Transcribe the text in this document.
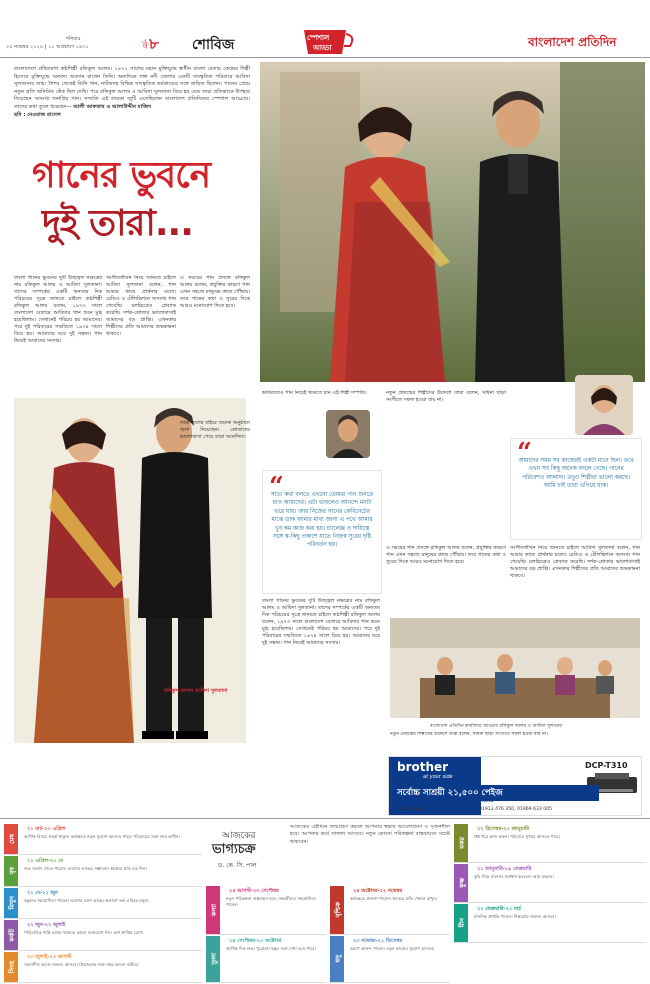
শনিবার
২৫ নভেম্বর ২০২৪ | ১০ অগ্রহায়ণ ১৪৩১	পৃষ্ঠা ৮ শোবিজ	স্পেশাল
আড্ডা	বাংলাদেশ প্রতিদিন
বাংলাদেশে প্রথিতযশা কন্ঠশিল্পী রফিকুল আলম। ১৯৭১ সালের মহান মুক্তিযুদ্ধে স্বাধীন বাংলা বেতার কেন্দ্রের শিল্পী হিসেবে মুক্তিযুদ্ধে অনবদ্য অবদান রাখেন তিনি। অন্যদিকে গঙ্গা নদী জেলার একটি সাংস্কৃতিক পরিবারে আবিদা সুলতানার জন্ম। শৈশব থেকেই তিনি গান, নাটকসহ বিভিন্ন সাংস্কৃতিক কর্মকাণ্ডের সঙ্গে জড়িত ছিলেন। গানের প্রেমে নতুন প্রতি অনিমিত কেঁক ছিল দেখি। পরে রফিকুল আলম ও আবিদা সুলতানা বিয়ে হয় এবং তারা প্রতিভাকে উপহার দিয়েছেন অসংখ্য জনপ্রিয় গান। সম্প্রতি এই তারকা জুটি এসেছিলেন বাংলাদেশ প্রতিদিনের স্পেশাল আড্ডায়। তাদের কথা তুলে ধরেছেন— আলী আফতাব ও আলাউদ্দীন মাজিদ
ছবি : নেওয়াজ রাসেল
গানের ভুবনে
দুই তারা...
বাংলা গানের ভুবনের দুটি উজ্জ্বল নক্ষত্রের নাম রফিকুল আলম ও আবিদা সুলতানা। তাদের সম্পর্কের একটি অন্যতম দিক পরিচয়ের সূত্রে জানতে চাইলে কণ্ঠশিল্পী রফিকুল আলম বলেন, ১৯৭৩ সালে বাংলাদেশ বেতারে আবিদার গান শুনে মুগ্ধ হয়েছিলাম। সেখানেই পরিচয় হয় আমাদের। পরে দুই পরিবারের সম্মতিতে ১৯৭৪ সালে বিয়ে হয়। আমাদের ঘরে দুই সন্তান। গান নিয়েই আমাদের সংসার।
সংগীতজীবন নিয়ে জানতে চাইলে আবিদা সুলতানা বলেন, গান আমার কাছে প্রার্থনার মতো। রেডিও ও টেলিভিশনে অসংখ্য গান গেয়েছি। চলচ্চিত্রেও প্লেব্যাক করেছি। দর্শক-শ্রোতার ভালোবাসাই আমাদের বড় প্রাপ্তি। এখনকার শিল্পীদের প্রতি আমাদের শুভকামনা থাকবে।
এ সময়ের গান প্রসঙ্গে রফিকুল আলম বলেন, প্রযুক্তির কারণে গান এখন সহজে মানুষের কাছে পৌঁছায়। তবে গানের কথা ও সুরের দিকে আরও মনোযোগ দিতে হবে।
রফিকুল আলম আবিদা সুলতানা
তারা দেশের বাইরে অনেক অনুষ্ঠানে অংশ নিয়েছেন। শ্রোতাদের ভালোবাসা পেয়ে তারা আনন্দিত।
ভবিষ্যতেও গান নিয়েই থাকতে চান এই শিল্পী দম্পতি।	নতুন প্রজন্মের শিল্পীদের উদ্দেশে তারা বলেন, সাধনা ছাড়া সংগীতে সফল হওয়া যায় না।
“
সত্যি কথা বলতে এখনো তোমরা গান শুনতে চাও আমাদের। এটা ভাবলেও আনন্দে মনটা ভরে যায়। আর নিজের গানের কেবিনেটের মাঝে ডাক আমার মাথা জানা এ পথে আমার খুব কম কাজ করা হয়। চ্যালেঞ্জ ও দায়িত্বে সঙ্গে স্ব-কিছু প্রকাশে যাতে নিজস্ব সুরের দৃষ্টি পরিবর্তন হয়।
“
আমাদের সময় সব কাজেরই একটা মানে ছিল। তবে এখন সব কিছু অনেক বদলে গেছে। গানের পরিবেশও আলাদা। তবুও শিল্পীরা ভালো করছে। আমি চাই তারা এগিয়ে যাক।
সংগীতজীবন নিয়ে জানতে চাইলে আবিদা সুলতানা বলেন, গান আমার কাছে প্রার্থনার মতো। রেডিও ও টেলিভিশনে অসংখ্য গান গেয়েছি। চলচ্চিত্রেও প্লেব্যাক করেছি। দর্শক-শ্রোতার ভালোবাসাই আমাদের বড় প্রাপ্তি। এখনকার শিল্পীদের প্রতি আমাদের শুভকামনা থাকবে।
বাংলা গানের ভুবনের দুটি উজ্জ্বল নক্ষত্রের নাম রফিকুল আলম ও আবিদা সুলতানা। তাদের সম্পর্কের একটি অন্যতম দিক পরিচয়ের সূত্রে জানতে চাইলে কণ্ঠশিল্পী রফিকুল আলম বলেন, ১৯৭৩ সালে বাংলাদেশ বেতারে আবিদার গান শুনে মুগ্ধ হয়েছিলাম। সেখানেই পরিচয় হয় আমাদের। পরে দুই পরিবারের সম্মতিতে ১৯৭৪ সালে বিয়ে হয়। আমাদের ঘরে দুই সন্তান। গান নিয়েই আমাদের সংসার।
এ সময়ের গান প্রসঙ্গে রফিকুল আলম বলেন, প্রযুক্তির কারণে গান এখন সহজে মানুষের কাছে পৌঁছায়। তবে গানের কথা ও সুরের দিকে আরও মনোযোগ দিতে হবে।
বাংলাদেশ প্রতিদিন কার্যালয়ে আড্ডায় রফিকুল আলম ও আবিদা সুলতানা
নতুন প্রজন্মের শিল্পীদের উদ্দেশে তারা বলেন, সাধনা ছাড়া সংগীতে সফল হওয়া যায় না।
brother
at your side
DCP-T310
সর্বোচ্চ সাশ্রয়ী ২১,৫০০ পেইজ
ইঙ্কট্যাংক সমৃদ্ধ ব্রাদার ইঙ্কজেট প্রিন্টার এখন বাজারে
Globe Brand	01913 476 350, 01969 633 005
আজকের
ভাগ্যচক্র
ড. কে. সি. পাল
আজকের এইদিনে জন্মগ্রহণ করলে আপনার স্বভাব আবেগপ্রবণ ও সৃজনশীল হবে। আপনার কর্মে সাফল্য আসবে। নতুন কোনো পরিকল্পনা বাস্তবায়নে সচেষ্ট থাকবেন।
মেষ
২১ মার্চ-২০ এপ্রিল
আর্থিক বিষয়ে সতর্ক থাকুন। কর্মক্ষেত্রে নতুন সুযোগ আসতে পারে। পরিবারের সঙ্গে সময় কাটান।
বৃষ
২১ এপ্রিল-২০ মে
শুভ সংবাদ পেতে পারেন। ব্যবসায় লাভের সম্ভাবনা। স্বাস্থ্যের প্রতি যত্ন নিন।
মিথুন
২১ মে-২১ জুন
বন্ধুদের সহযোগিতা পাবেন। ভ্রমণের যোগ আছে। অকারণ তর্ক এড়িয়ে চলুন।
কর্কট
২২ জুন-২২ জুলাই
পারিবারিক শান্তি বজায় থাকবে। কাজে মনোযোগ দিন। অর্থ প্রাপ্তির যোগ।
সিংহ
২৩ জুলাই-২৩ আগস্ট
সৃজনশীল কাজে সাফল্য আসবে। প্রিয়জনের সঙ্গে সময় ভালো কাটবে।
কন্যা
২৪ আগস্ট-২৩ সেপ্টেম্বর
নতুন পরিকল্পনা বাস্তবায়ন হবে। সহকর্মীদের সহযোগিতা পাবেন।
তুলা
২৪ সেপ্টেম্বর-২৩ অক্টোবর
আর্থিক দিক শুভ। পুরোনো বন্ধুর সঙ্গে দেখা হতে পারে।
বৃশ্চিক
২৪ অক্টোবর-২২ নভেম্বর
কর্মক্ষেত্রে প্রশংসা পাবেন। স্বাস্থ্যের প্রতি খেয়াল রাখুন।
ধনু
২৩ নভেম্বর-২১ ডিসেম্বর
ভ্রমণে আনন্দ পাবেন। নতুন কাজের সুযোগ আসবে।
মকর
২২ ডিসেম্বর-২০ জানুয়ারি
ধৈর্য ধরে কাজ করুন। পরিবারে সুখবর আসতে পারে।
কুম্ভ
২১ জানুয়ারি-১৯ ফেব্রুয়ারি
বুদ্ধি দিয়ে সমস্যার সমাধান করবেন। আয় বাড়বে।
মীন
২০ ফেব্রুয়ারি-২০ মার্চ
মানসিক প্রশান্তি পাবেন। শিল্পচর্চায় সাফল্য আসবে।
